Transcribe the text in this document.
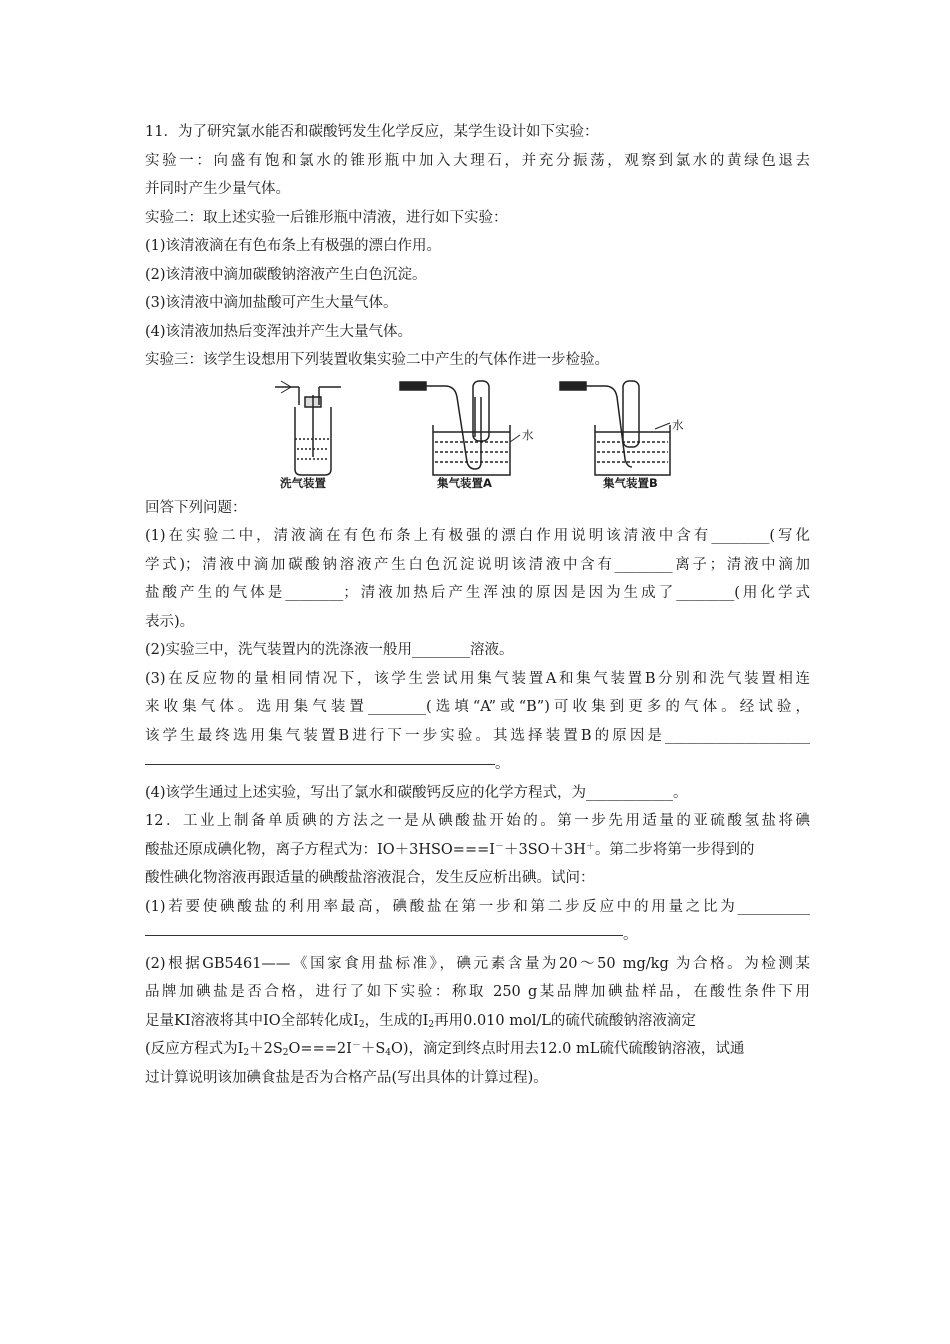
11．为了研究氯水能否和碳酸钙发生化学反应，某学生设计如下实验：
实验一：向盛有饱和氯水的锥形瓶中加入大理石，并充分振荡，观察到氯水的黄绿色退去
并同时产生少量气体。
实验二：取上述实验一后锥形瓶中清液，进行如下实验：
(1)该清液滴在有色布条上有极强的漂白作用。
(2)该清液中滴加碳酸钠溶液产生白色沉淀。
(3)该清液中滴加盐酸可产生大量气体。
(4)该清液加热后变浑浊并产生大量气体。
实验三：该学生设想用下列装置收集实验二中产生的气体作进一步检验。
水
水
洗气装置	集气装置A	集气装置B
回答下列问题：
(1)在实验二中，清液滴在有色布条上有极强的漂白作用说明该清液中含有________(写化
学式)；清液中滴加碳酸钠溶液产生白色沉淀说明该清液中含有________离子；清液中滴加
盐酸产生的气体是________；清液加热后产生浑浊的原因是因为生成了________(用化学式
表示)。
(2)实验三中，洗气装置内的洗涤液一般用________溶液。
(3)在反应物的量相同情况下，该学生尝试用集气装置A和集气装置B分别和洗气装置相连
来收集气体。选用集气装置________(选填“A”或“B”)可收集到更多的气体。经试验，
该学生最终选用集气装置B进行下一步实验。其选择装置B的原因是____________________
。
(4)该学生通过上述实验，写出了氯水和碳酸钙反应的化学方程式，为____________。
12．工业上制备单质碘的方法之一是从碘酸盐开始的。第一步先用适量的亚硫酸氢盐将碘
酸盐还原成碘化物，离子方程式为：IO＋3HSO===I－＋3SO＋3H＋。第二步将第一步得到的
酸性碘化物溶液再跟适量的碘酸盐溶液混合，发生反应析出碘。试问：
(1)若要使碘酸盐的利用率最高，碘酸盐在第一步和第二步反应中的用量之比为__________
。
(2)根据GB5461——《国家食用盐标准》，碘元素含量为20～50 mg/kg 为合格。为检测某
品牌加碘盐是否合格，进行了如下实验：称取 250 g某品牌加碘盐样品，在酸性条件下用
足量KI溶液将其中IO全部转化成$I_2$，生成的$I_2$再用0.010 mol/L的硫代硫酸钠溶液滴定
(反应方程式为$I_2+2S_2O===2I^-+S_4O$)，滴定到终点时用去12.0 mL硫代硫酸钠溶液，试通
过计算说明该加碘食盐是否为合格产品(写出具体的计算过程)。
